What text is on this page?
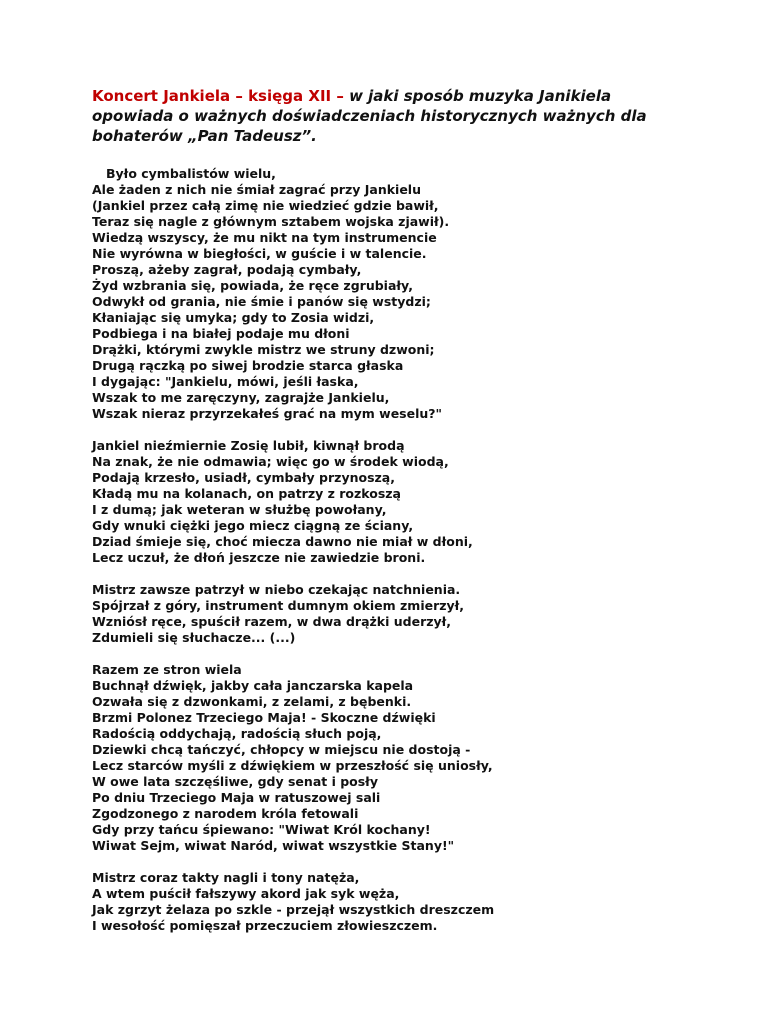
Koncert Jankiela – księga XII – w jaki sposób muzyka Janikiela opowiada o ważnych doświadczeniach historycznych ważnych dla bohaterów „Pan Tadeusz”.
Było cymbalistów wielu,
Ale żaden z nich nie śmiał zagrać przy Jankielu
(Jankiel przez całą zimę nie wiedzieć gdzie bawił,
Teraz się nagle z głównym sztabem wojska zjawił).
Wiedzą wszyscy, że mu nikt na tym instrumencie
Nie wyrówna w biegłości, w guście i w talencie.
Proszą, ażeby zagrał, podają cymbały,
Żyd wzbrania się, powiada, że ręce zgrubiały,
Odwykł od grania, nie śmie i panów się wstydzi;
Kłaniając się umyka; gdy to Zosia widzi,
Podbiega i na białej podaje mu dłoni
Drążki, którymi zwykle mistrz we struny dzwoni;
Drugą rączką po siwej brodzie starca głaska
I dygając: "Jankielu, mówi, jeśli łaska,
Wszak to me zaręczyny, zagrajże Jankielu,
Wszak nieraz przyrzekałeś grać na mym weselu?"
Jankiel nieźmiernie Zosię lubił, kiwnął brodą
Na znak, że nie odmawia; więc go w środek wiodą,
Podają krzesło, usiadł, cymbały przynoszą,
Kładą mu na kolanach, on patrzy z rozkoszą
I z dumą; jak weteran w służbę powołany,
Gdy wnuki ciężki jego miecz ciągną ze ściany,
Dziad śmieje się, choć miecza dawno nie miał w dłoni,
Lecz uczuł, że dłoń jeszcze nie zawiedzie broni.
Mistrz zawsze patrzył w niebo czekając natchnienia.
Spójrzał z góry, instrument dumnym okiem zmierzył,
Wzniósł ręce, spuścił razem, w dwa drążki uderzył,
Zdumieli się słuchacze... (...)
Razem ze stron wiela
Buchnął dźwięk, jakby cała janczarska kapela
Ozwała się z dzwonkami, z zelami, z bębenki.
Brzmi Polonez Trzeciego Maja! - Skoczne dźwięki
Radością oddychają, radością słuch poją,
Dziewki chcą tańczyć, chłopcy w miejscu nie dostoją -
Lecz starców myśli z dźwiękiem w przeszłość się uniosły,
W owe lata szczęśliwe, gdy senat i posły
Po dniu Trzeciego Maja w ratuszowej sali
Zgodzonego z narodem króla fetowali
Gdy przy tańcu śpiewano: "Wiwat Król kochany!
Wiwat Sejm, wiwat Naród, wiwat wszystkie Stany!"
Mistrz coraz takty nagli i tony natęża,
A wtem puścił fałszywy akord jak syk węża,
Jak zgrzyt żelaza po szkle - przejął wszystkich dreszczem
I wesołość pomięszał przeczuciem złowieszczem.
